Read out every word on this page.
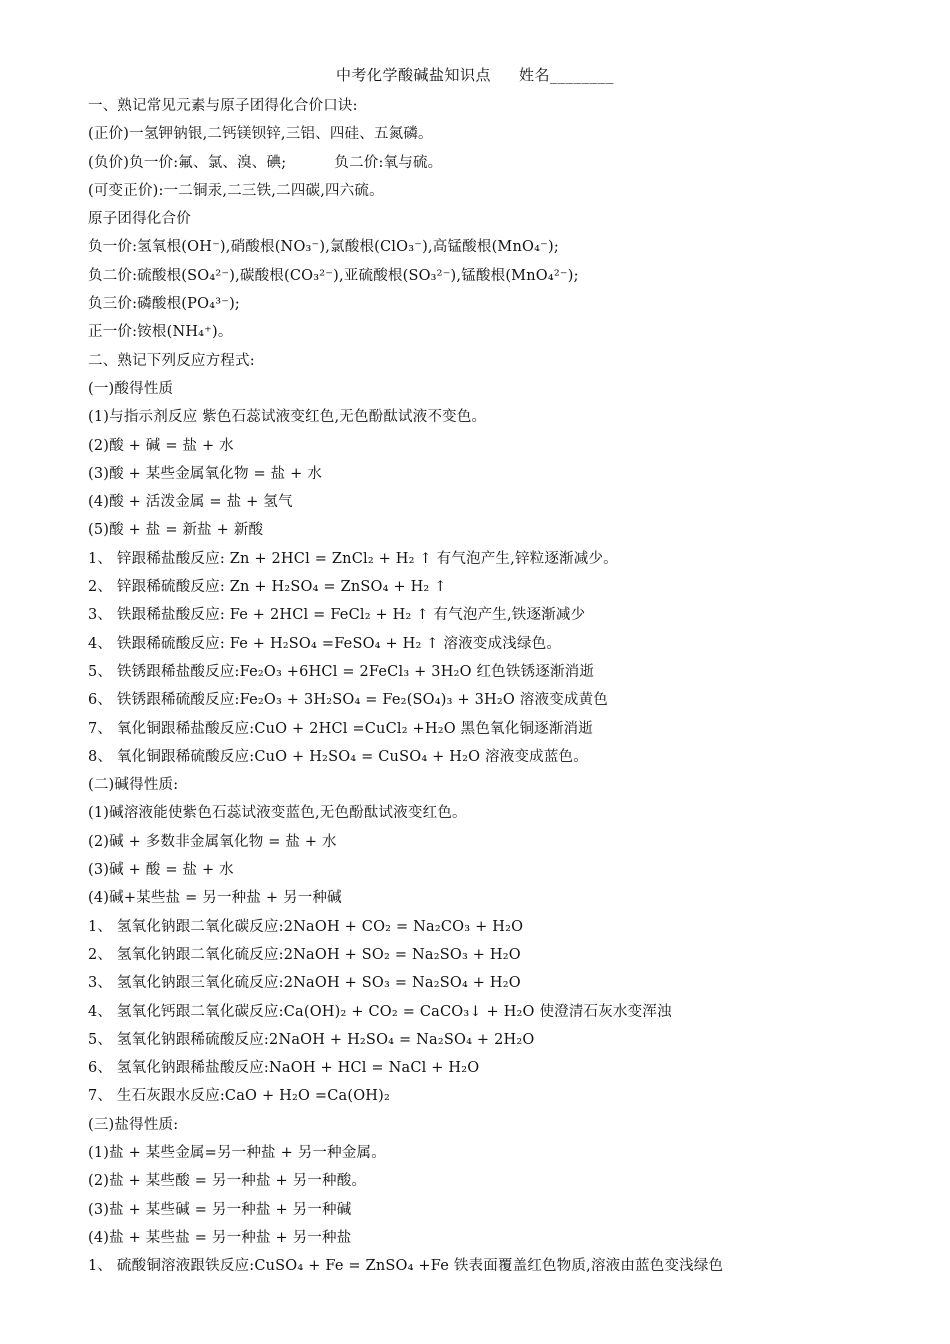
中考化学酸碱盐知识点 姓名________
一、熟记常见元素与原子团得化合价口诀:
(正价)一氢钾钠银,二钙镁钡锌,三铝、四硅、五氮磷。
(负价)负一价:氟、氯、溴、碘;          负二价:氧与硫。
(可变正价):一二铜汞,二三铁,二四碳,四六硫。
原子团得化合价
负一价:氢氧根(OH⁻),硝酸根(NO₃⁻),氯酸根(ClO₃⁻),高锰酸根(MnO₄⁻);
负二价:硫酸根(SO₄²⁻),碳酸根(CO₃²⁻),亚硫酸根(SO₃²⁻),锰酸根(MnO₄²⁻);
负三价:磷酸根(PO₄³⁻);
正一价:铵根(NH₄⁺)。
二、熟记下列反应方程式:
(一)酸得性质
(1)与指示剂反应 紫色石蕊试液变红色,无色酚酞试液不变色。
(2)酸 + 碱 = 盐 + 水
(3)酸 + 某些金属氧化物 = 盐 + 水
(4)酸 + 活泼金属 = 盐 + 氢气
(5)酸 + 盐 = 新盐 + 新酸
1、 锌跟稀盐酸反应: Zn + 2HCl = ZnCl₂ + H₂ ↑ 有气泡产生,锌粒逐渐减少。
2、 锌跟稀硫酸反应: Zn + H₂SO₄ = ZnSO₄ + H₂ ↑
3、 铁跟稀盐酸反应: Fe + 2HCl = FeCl₂ + H₂ ↑ 有气泡产生,铁逐渐减少
4、 铁跟稀硫酸反应: Fe + H₂SO₄ =FeSO₄ + H₂ ↑ 溶液变成浅绿色。
5、 铁锈跟稀盐酸反应:Fe₂O₃ +6HCl = 2FeCl₃ + 3H₂O 红色铁锈逐渐消逝
6、 铁锈跟稀硫酸反应:Fe₂O₃ + 3H₂SO₄ = Fe₂(SO₄)₃ + 3H₂O 溶液变成黄色
7、 氧化铜跟稀盐酸反应:CuO + 2HCl =CuCl₂ +H₂O 黑色氧化铜逐渐消逝
8、 氧化铜跟稀硫酸反应:CuO + H₂SO₄ = CuSO₄ + H₂O 溶液变成蓝色。
(二)碱得性质:
(1)碱溶液能使紫色石蕊试液变蓝色,无色酚酞试液变红色。
(2)碱 + 多数非金属氧化物 = 盐 + 水
(3)碱 + 酸 = 盐 + 水
(4)碱+某些盐 = 另一种盐 + 另一种碱
1、 氢氧化钠跟二氧化碳反应:2NaOH + CO₂ = Na₂CO₃ + H₂O
2、 氢氧化钠跟二氧化硫反应:2NaOH + SO₂ = Na₂SO₃ + H₂O
3、 氢氧化钠跟三氧化硫反应:2NaOH + SO₃ = Na₂SO₄ + H₂O
4、 氢氧化钙跟二氧化碳反应:Ca(OH)₂ + CO₂ = CaCO₃↓ + H₂O 使澄清石灰水变浑浊
5、 氢氧化钠跟稀硫酸反应:2NaOH + H₂SO₄ = Na₂SO₄ + 2H₂O
6、 氢氧化钠跟稀盐酸反应:NaOH + HCl = NaCl + H₂O
7、 生石灰跟水反应:CaO + H₂O =Ca(OH)₂
(三)盐得性质:
(1)盐 + 某些金属=另一种盐 + 另一种金属。
(2)盐 + 某些酸 = 另一种盐 + 另一种酸。
(3)盐 + 某些碱 = 另一种盐 + 另一种碱
(4)盐 + 某些盐 = 另一种盐 + 另一种盐
1、 硫酸铜溶液跟铁反应:CuSO₄ + Fe = ZnSO₄ +Fe 铁表面覆盖红色物质,溶液由蓝色变浅绿色
